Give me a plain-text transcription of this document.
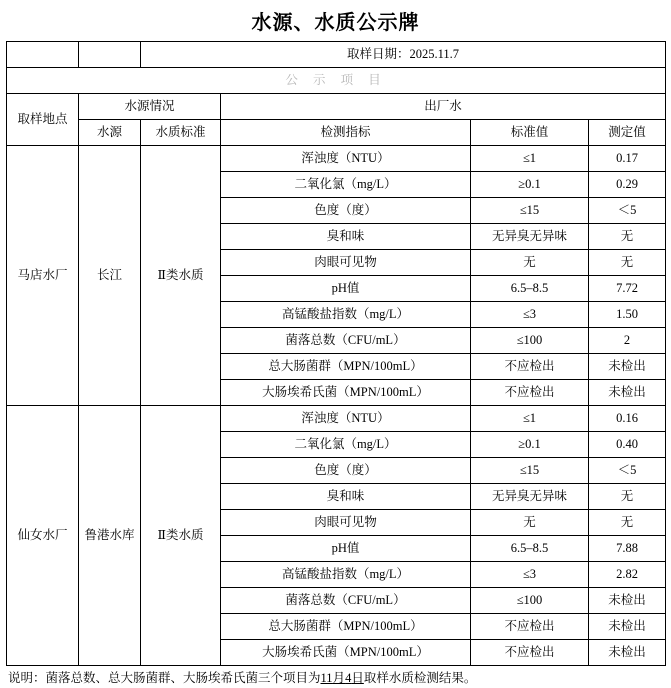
水源、水质公示牌
		取样日期：2025.11.7			
公 示 项 目					
取样地点	水源情况		出厂水		
	水源	水质标准	检测指标	标准值	测定值
马店水厂	长江	Ⅱ类水质	浑浊度（NTU）	≤1	0.17
			二氧化氯（mg/L）	≥0.1	0.29
			色度（度）	≤15	＜5
			臭和味	无异臭无异味	无
			肉眼可见物	无	无
			pH值	6.5–8.5	7.72
			高锰酸盐指数（mg/L）	≤3	1.50
			菌落总数（CFU/mL）	≤100	2
			总大肠菌群（MPN/100mL）	不应检出	未检出
			大肠埃希氏菌（MPN/100mL）	不应检出	未检出
仙女水厂	鲁港水库	Ⅱ类水质	浑浊度（NTU）	≤1	0.16
			二氧化氯（mg/L）	≥0.1	0.40
			色度（度）	≤15	＜5
			臭和味	无异臭无异味	无
			肉眼可见物	无	无
			pH值	6.5–8.5	7.88
			高锰酸盐指数（mg/L）	≤3	2.82
			菌落总数（CFU/mL）	≤100	未检出
			总大肠菌群（MPN/100mL）	不应检出	未检出
			大肠埃希氏菌（MPN/100mL）	不应检出	未检出
说明：菌落总数、总大肠菌群、大肠埃希氏菌三个项目为11月4日取样水质检测结果。
